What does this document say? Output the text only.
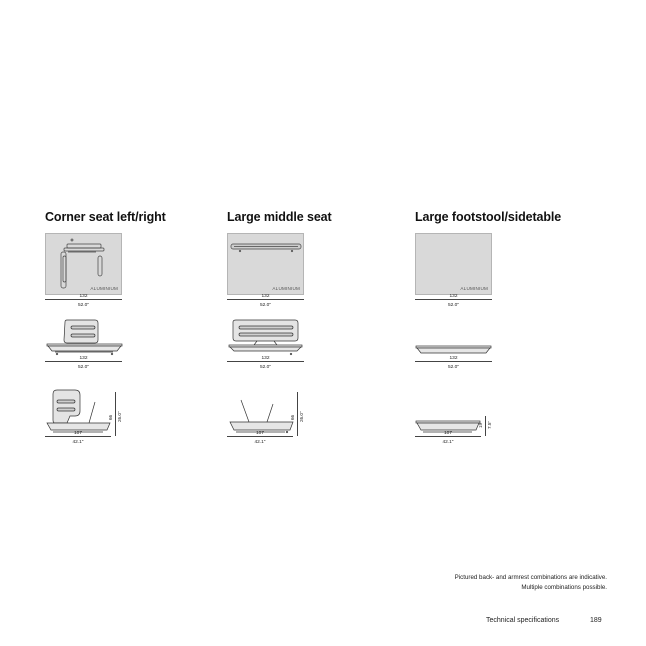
Corner seat left/right
ALUMINIUM
132
52.0"
132
52.0"
66 26.0"
107
42.1"
Large middle seat
ALUMINIUM
132
52.0"
132
52.0"
66 26.0"
107
42.1"
Large footstool/sidetable
ALUMINIUM
132
52.0"
132
52.0"
19 7.5"
107
42.1"
Pictured back- and armrest combinations are indicative.
Multiple combinations possible.
Technical specifications	189
